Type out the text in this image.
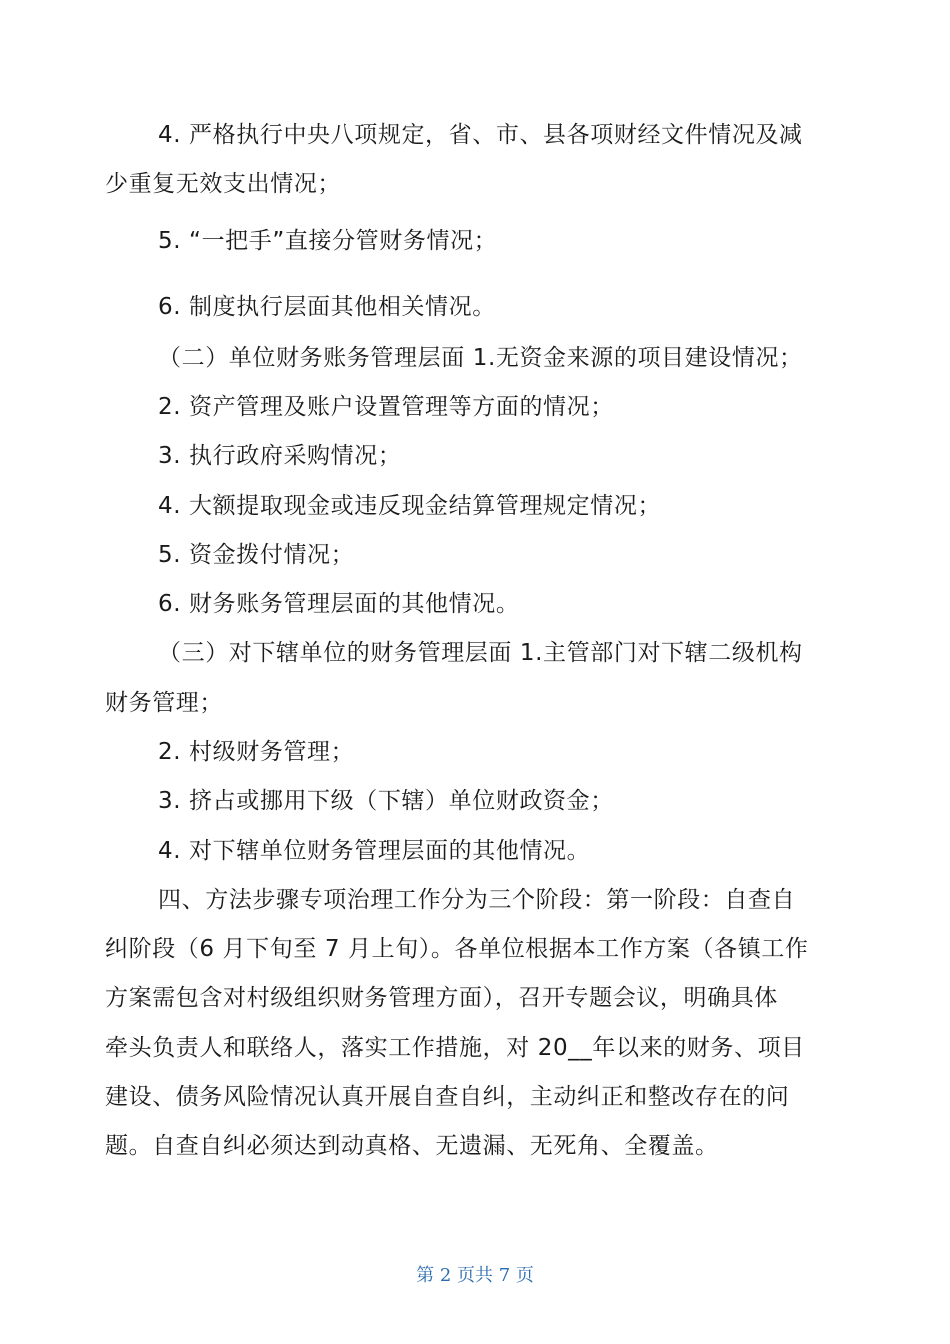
4. 严格执行中央八项规定，省、市、县各项财经文件情况及减
少重复无效支出情况；
5. “一把手”直接分管财务情况；
6. 制度执行层面其他相关情况。
（二）单位财务账务管理层面 1.无资金来源的项目建设情况；
2. 资产管理及账户设置管理等方面的情况；
3. 执行政府采购情况；
4. 大额提取现金或违反现金结算管理规定情况；
5. 资金拨付情况；
6. 财务账务管理层面的其他情况。
（三）对下辖单位的财务管理层面 1.主管部门对下辖二级机构
财务管理；
2. 村级财务管理；
3. 挤占或挪用下级（下辖）单位财政资金；
4. 对下辖单位财务管理层面的其他情况。
四、方法步骤专项治理工作分为三个阶段：第一阶段：自查自
纠阶段（6 月下旬至 7 月上旬）。各单位根据本工作方案（各镇工作
方案需包含对村级组织财务管理方面），召开专题会议，明确具体
牵头负责人和联络人，落实工作措施，对 20__年以来的财务、项目
建设、债务风险情况认真开展自查自纠，主动纠正和整改存在的问
题。自查自纠必须达到动真格、无遗漏、无死角、全覆盖。
第 2 页共 7 页
